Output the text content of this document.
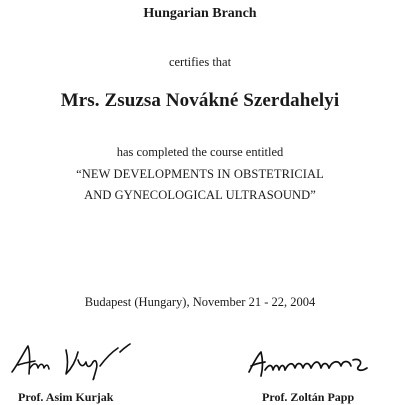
Hungarian Branch
certifies that
Mrs. Zsuzsa Novákné Szerdahelyi
has completed the course entitled
“NEW DEVELOPMENTS IN OBSTETRICIAL
AND GYNECOLOGICAL ULTRASOUND”
Budapest (Hungary), November 21 - 22, 2004
Prof. Asim Kurjak	Prof. Zoltán Papp
